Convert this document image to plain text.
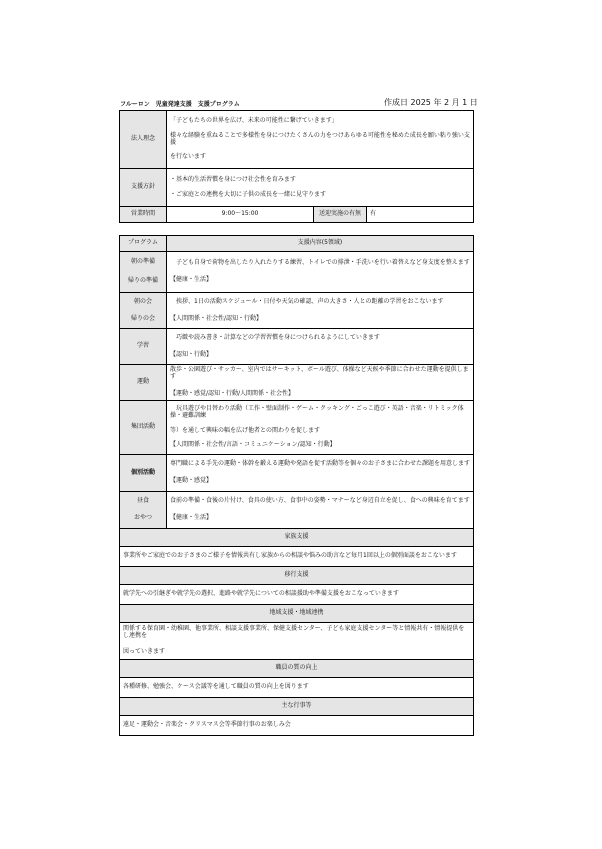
フルーロン　児童発達支援　支援プログラム	作成日 2025 年 2 月 1 日
法人理念	「子どもたちの世界を広げ、未来の可能性に繋げていきます」
様々な経験を重ねることで多様性を身につけたくさんの力をつけあらゆる可能性を秘めた成長を願い粘り強い支援
を行ないます		

支援方針	・基本的生活習慣を身につけ社会性を育みます
・ご家庭との連携を大切に子供の成長を一緒に見守ります		

営業時間	9:00～15:00	送迎実施の有無	有
プログラム	支援内容(5領域)

朝の準備
帰りの準備	　子ども自身で荷物を出したり入れたりする練習、トイレでの排泄・手洗いを行い着替えなど身支度を整えます
【健康・生活】

朝の会
帰りの会	　挨拶、1日の活動スケジュール・日付や天気の確認、声の大きさ・人との距離の学習をおこないます
【人間関係・社会性/認知・行動】

学習	　巧緻や読み書き・計算などの学習習慣を身につけられるようにしていきます
【認知・行動】

運動	散歩・公園遊び・サッカー、室内ではサーキット、ボール遊び、体操など天候や季節に合わせた運動を提供します
【運動・感覚/認知・行動/人間関係・社会性】

集団活動	　玩具遊びや目替わり活動（工作・壁面制作・ゲーム・クッキング・ごっこ遊び・英語・音楽・リトミック体操・避難訓練
等）を通して興味の幅を広げ他者との関わりを促します
【人間関係・社会性/言語・コミュニケーション/認知・行動】

個別活動	専門職による手先の運動・体幹を鍛える運動や発語を促す活動等を個々のお子さまに合わせた課題を用意します
【運動・感覚】

昼食
おやつ	食前の準備・食後の片付け、食具の使い方、食事中の姿勢・マナーなど身辺自立を促し、食への興味を育てます
【健康・生活】

家族支援	

事業所やご家庭でのお子さまのご様子を情報共有し家族からの相談や悩みの助言など毎月1回以上の個別面談をおこないます	

移行支援	

就学先への引継ぎや就学先の選択、進路や就学先についての相談援助や準備支援をおこなっていきます	

地域支援・地域連携	

関係する保育園・幼稚園、他事業所、相談支援事業所、保健支援センター、子ども家庭支援センター等と情報共有・情報提供をし連携を
図っていきます	

職員の質の向上	

各種研修、勉強会、ケース会議等を通して職員の質の向上を図ります	

主な行事等	

遠足・運動会・音楽会・クリスマス会等季節行事のお楽しみ会	
